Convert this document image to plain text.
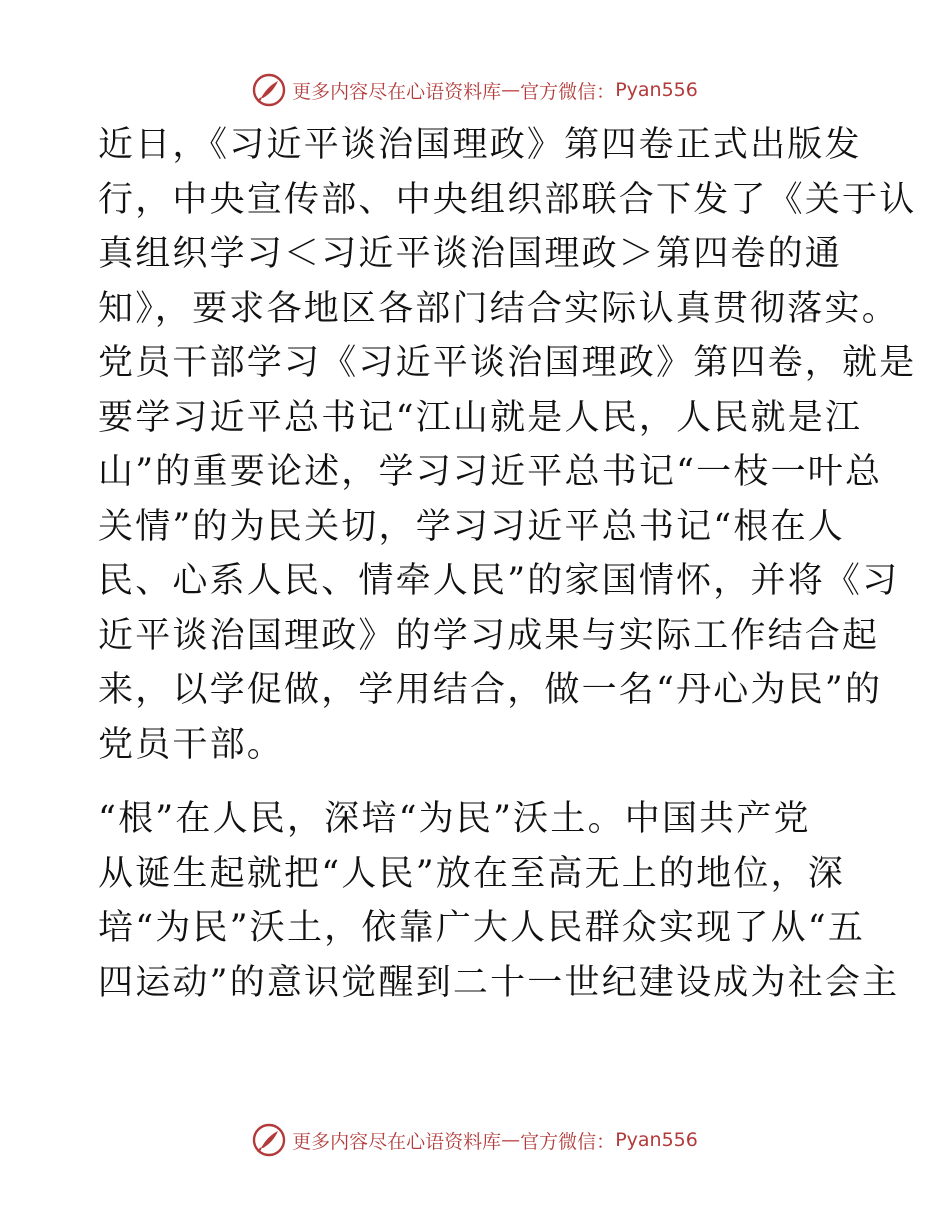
更多内容尽在心语资料库 — 官方微信： Pyan556

近日，《习近平谈治国理政》第四卷正式出版发
行，中央宣传部、中央组织部联合下发了《关于认
真组织学习＜习近平谈治国理政＞第四卷的通
知》，要求各地区各部门结合实际认真贯彻落实。
党员干部学习《习近平谈治国理政》第四卷，就是
要学习近平总书记“江山就是人民，人民就是江
山”的重要论述，学习习近平总书记“一枝一叶总
关情”的为民关切，学习习近平总书记“根在人
民、心系人民、情牵人民”的家国情怀，并将《习
近平谈治国理政》的学习成果与实际工作结合起
来，以学促做，学用结合，做一名“丹心为民”的
党员干部。

“根”在人民，深培“为民”沃土。中国共产党
从诞生起就把“人民”放在至高无上的地位，深
培“为民”沃土，依靠广大人民群众实现了从“五
四运动”的意识觉醒到二十一世纪建设成为社会主

更多内容尽在心语资料库 — 官方微信： Pyan556
